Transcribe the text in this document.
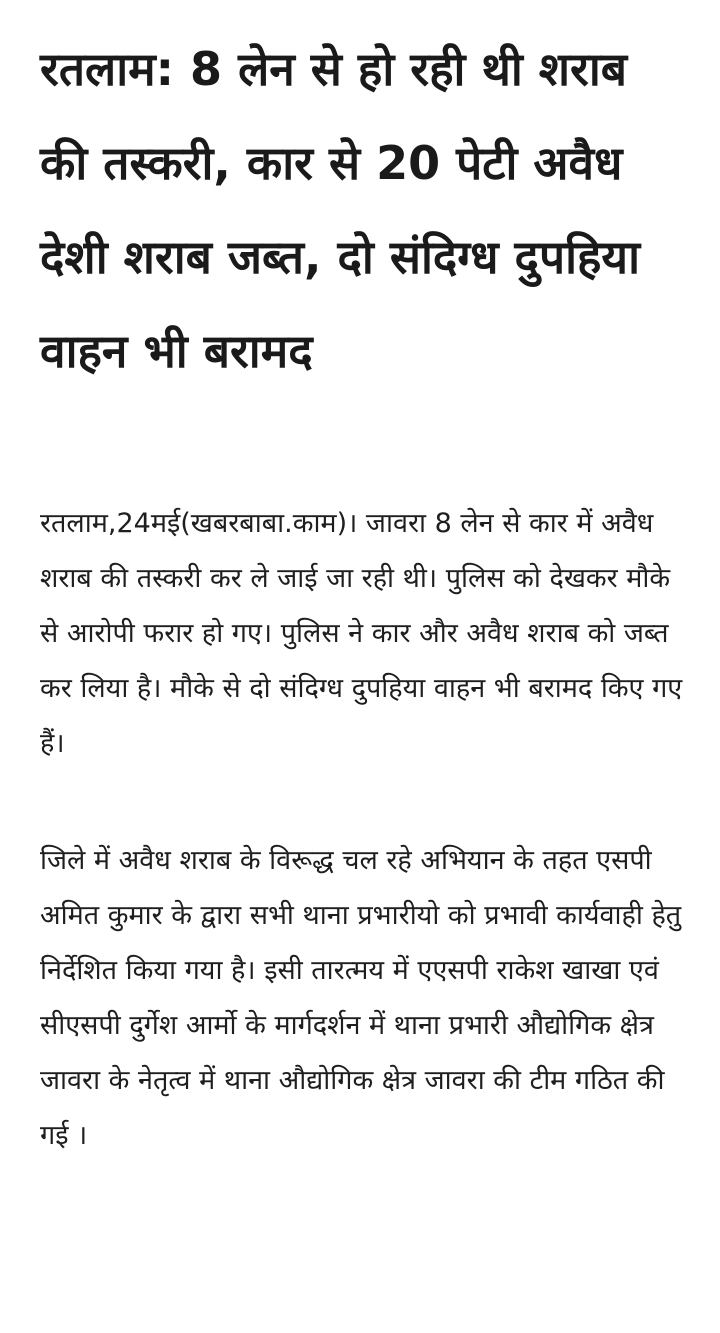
रतलाम: 8 लेन से हो रही थी शराब की तस्करी, कार से 20 पेटी अवैध देशी शराब जब्त, दो संदिग्ध दुपहिया वाहन भी बरामद

रतलाम,24मई(खबरबाबा.काम)। जावरा 8 लेन से कार में अवैध शराब की तस्करी कर ले जाई जा रही थी। पुलिस को देखकर मौके से आरोपी फरार हो गए। पुलिस ने कार और अवैध शराब को जब्त कर लिया है। मौके से दो संदिग्ध दुपहिया वाहन भी बरामद किए गए हैं।

जिले में अवैध शराब के विरूद्ध चल रहे अभियान के तहत एसपी अमित कुमार के द्वारा सभी थाना प्रभारीयो को प्रभावी कार्यवाही हेतु निर्देशित किया गया है। इसी तारत्मय में एएसपी राकेश खाखा एवं सीएसपी दुर्गेश आर्मो के मार्गदर्शन में थाना प्रभारी औद्योगिक क्षेत्र जावरा के नेतृत्व में थाना औद्योगिक क्षेत्र जावरा की टीम गठित की गई ।
